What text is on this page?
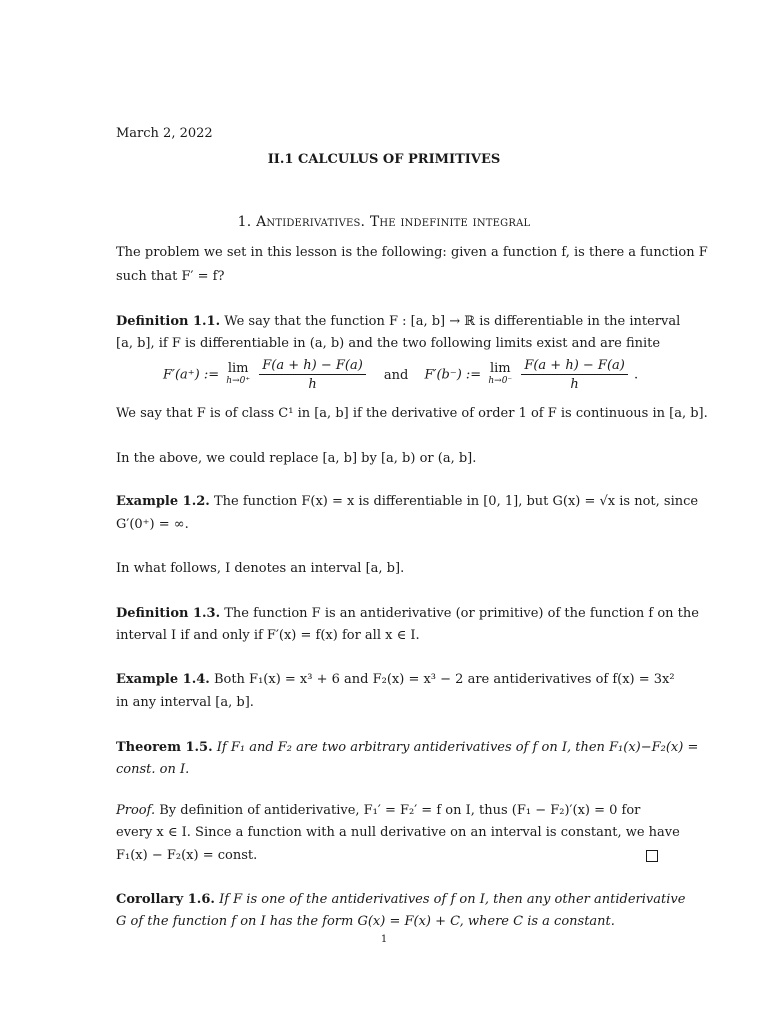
March 2, 2022
II.1 CALCULUS OF PRIMITIVES
1. Antiderivatives. The indefinite integral
The problem we set in this lesson is the following: given a function f, is there a function F
such that F′ = f?
Definition 1.1. We say that the function F : [a, b] → ℝ is differentiable in the interval
[a, b], if F is differentiable in (a, b) and the two following limits exist and are finite
F′(a⁺) := lim
h→0⁺
$\frac{F(a + h) - F(a)}{h}$ and F′(b⁻) := lim
h→0⁻
$\frac{F(a + h) - F(a)}{h}$ .
We say that F is of class C¹ in [a, b] if the derivative of order 1 of F is continuous in [a, b].
In the above, we could replace [a, b] by [a, b) or (a, b].
Example 1.2. The function F(x) = x is differentiable in [0, 1], but G(x) = √x is not, since
G′(0⁺) = ∞.
In what follows, I denotes an interval [a, b].
Definition 1.3. The function F is an antiderivative (or primitive) of the function f on the
interval I if and only if F′(x) = f(x) for all x ∈ I.
Example 1.4. Both F₁(x) = x³ + 6 and F₂(x) = x³ − 2 are antiderivatives of f(x) = 3x²
in any interval [a, b].
Theorem 1.5. If F₁ and F₂ are two arbitrary antiderivatives of f on I, then F₁(x)−F₂(x) =
const. on I.
Proof. By definition of antiderivative, F₁′ = F₂′ = f on I, thus (F₁ − F₂)′(x) = 0 for
every x ∈ I. Since a function with a null derivative on an interval is constant, we have
F₁(x) − F₂(x) = const.
Corollary 1.6. If F is one of the antiderivatives of f on I, then any other antiderivative
G of the function f on I has the form G(x) = F(x) + C, where C is a constant.
1
